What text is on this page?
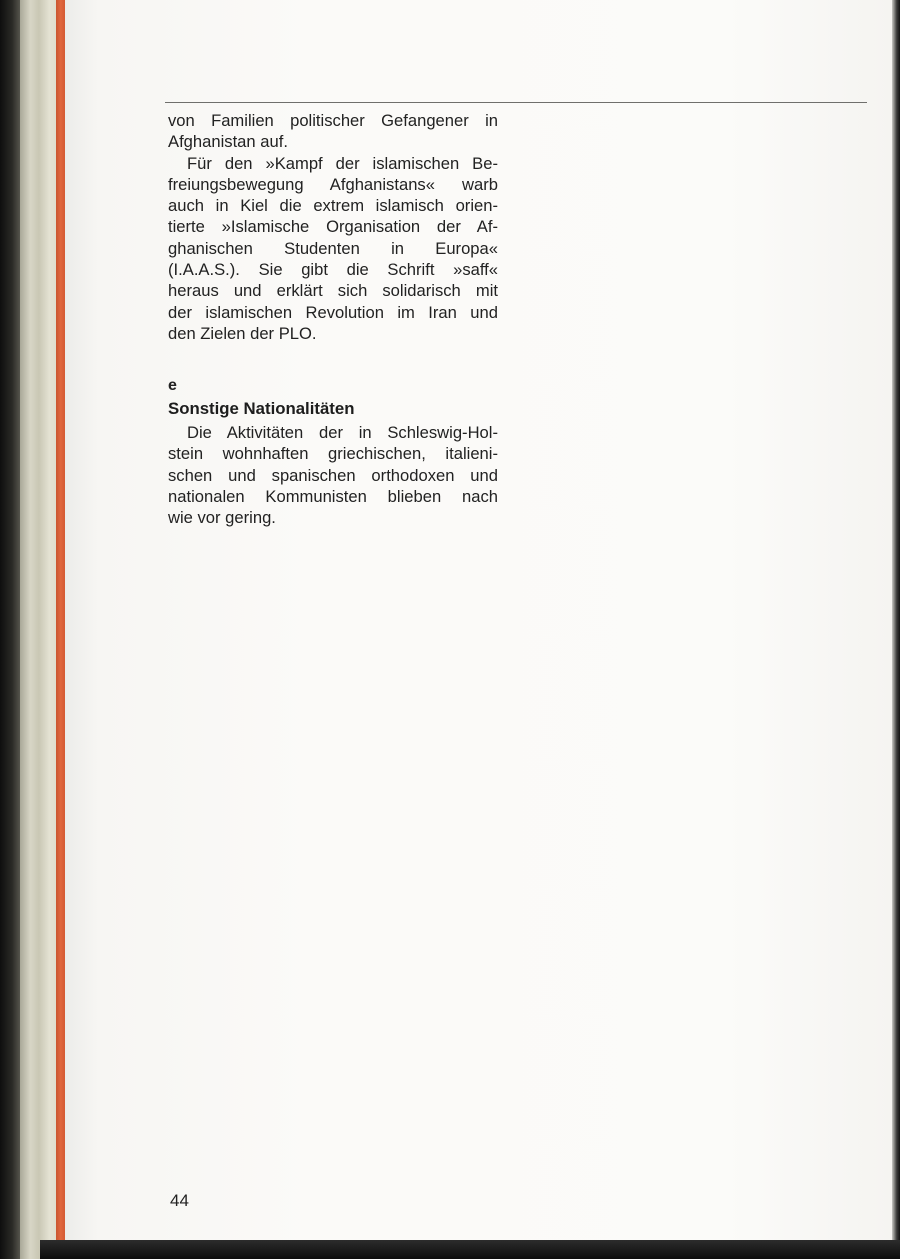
von Familien politischer Gefangener in
Afghanistan auf.
Für den »Kampf der islamischen Be-
freiungsbewegung Afghanistans« warb
auch in Kiel die extrem islamisch orien-
tierte »Islamische Organisation der Af-
ghanischen Studenten in Europa«
(I.A.A.S.). Sie gibt die Schrift »saff«
heraus und erklärt sich solidarisch mit
der islamischen Revolution im Iran und
den Zielen der PLO.
e
Sonstige Nationalitäten
Die Aktivitäten der in Schleswig-Hol-
stein wohnhaften griechischen, italieni-
schen und spanischen orthodoxen und
nationalen Kommunisten blieben nach
wie vor gering.
44
